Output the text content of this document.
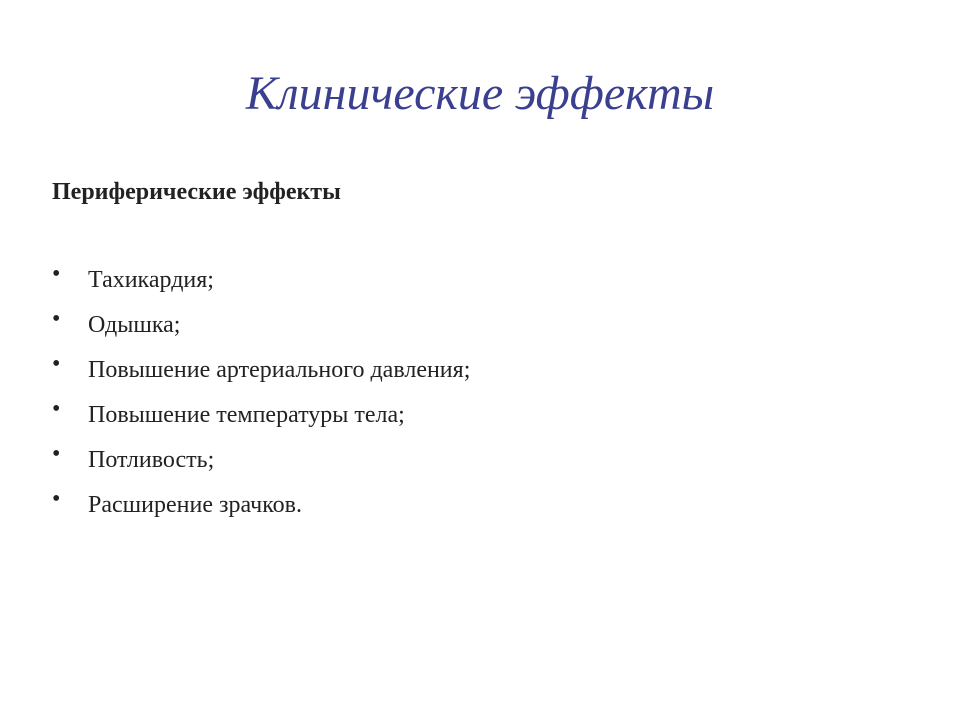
Клинические эффекты
Периферические эффекты
• Тахикардия;
• Одышка;
• Повышение артериального давления;
• Повышение температуры тела;
• Потливость;
• Расширение зрачков.
